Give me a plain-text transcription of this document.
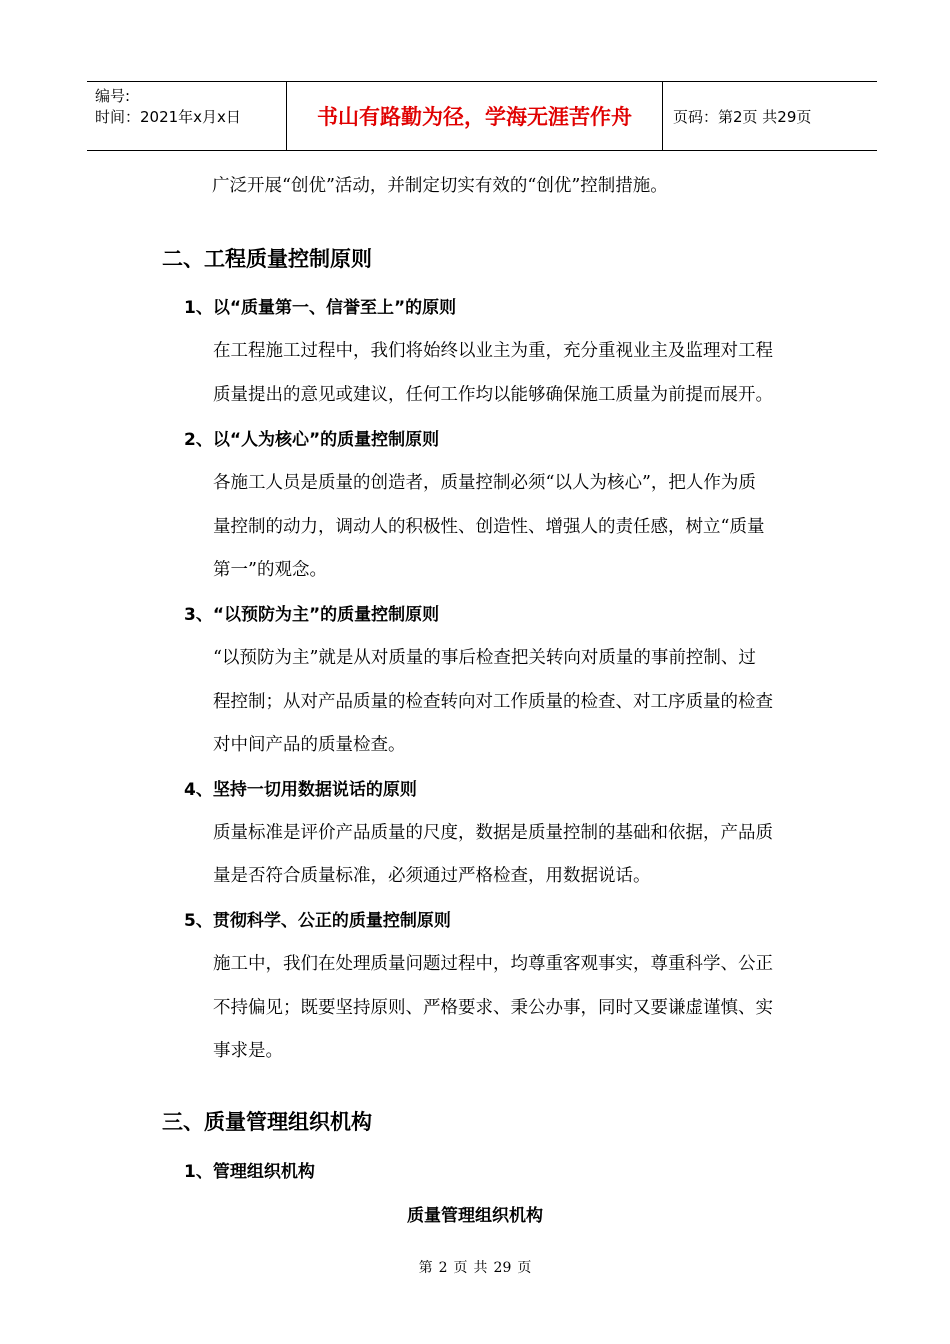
编号:
时间：2021年x月x日	书山有路勤为径，学海无涯苦作舟	页码：第2页 共29页
广泛开展“创优”活动，并制定切实有效的“创优”控制措施。
二、工程质量控制原则
1、以“质量第一、信誉至上”的原则
在工程施工过程中，我们将始终以业主为重，充分重视业主及监理对工程
质量提出的意见或建议，任何工作均以能够确保施工质量为前提而展开。
2、以“人为核心”的质量控制原则
各施工人员是质量的创造者，质量控制必须“以人为核心”，把人作为质
量控制的动力，调动人的积极性、创造性、增强人的责任感，树立“质量
第一”的观念。
3、“以预防为主”的质量控制原则
“以预防为主”就是从对质量的事后检查把关转向对质量的事前控制、过
程控制；从对产品质量的检查转向对工作质量的检查、对工序质量的检查
对中间产品的质量检查。
4、坚持一切用数据说话的原则
质量标准是评价产品质量的尺度，数据是质量控制的基础和依据，产品质
量是否符合质量标准，必须通过严格检查，用数据说话。
5、贯彻科学、公正的质量控制原则
施工中，我们在处理质量问题过程中，均尊重客观事实，尊重科学、公正
不持偏见；既要坚持原则、严格要求、秉公办事，同时又要谦虚谨慎、实
事求是。
三、质量管理组织机构
1、管理组织机构
质量管理组织机构
第 2 页 共 29 页
